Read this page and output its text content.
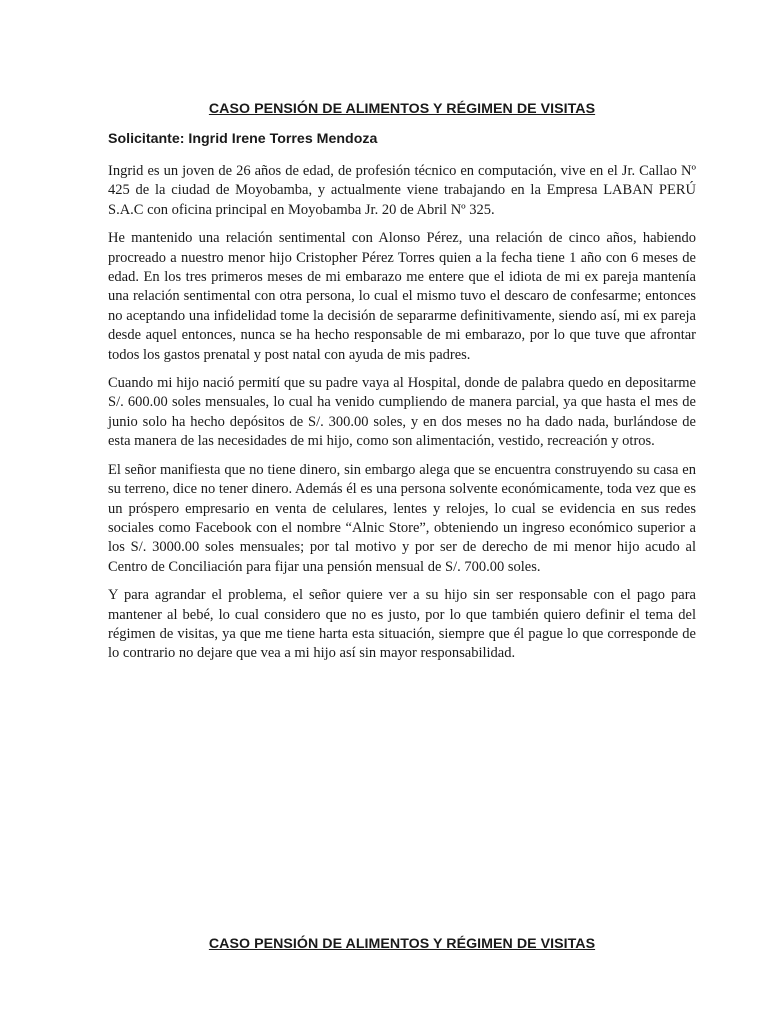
CASO PENSIÓN DE ALIMENTOS Y RÉGIMEN DE VISITAS

Solicitante: Ingrid Irene Torres Mendoza

Ingrid es un joven de 26 años de edad, de profesión técnico en computación, vive en el Jr. Callao Nº 425 de la ciudad de Moyobamba, y actualmente viene trabajando en la Empresa LABAN PERÚ S.A.C con oficina principal en Moyobamba Jr. 20 de Abril Nº 325.

He mantenido una relación sentimental con Alonso Pérez, una relación de cinco años, habiendo procreado a nuestro menor hijo Cristopher Pérez Torres quien a la fecha tiene 1 año con 6 meses de edad. En los tres primeros meses de mi embarazo me entere que el idiota de mi ex pareja mantenía una relación sentimental con otra persona, lo cual el mismo tuvo el descaro de confesarme; entonces no aceptando una infidelidad tome la decisión de separarme definitivamente, siendo así, mi ex pareja desde aquel entonces, nunca se ha hecho responsable de mi embarazo, por lo que tuve que afrontar todos los gastos prenatal y post natal con ayuda de mis padres.

Cuando mi hijo nació permití que su padre vaya al Hospital, donde de palabra quedo en depositarme S/. 600.00 soles mensuales, lo cual ha venido cumpliendo de manera parcial, ya que hasta el mes de junio solo ha hecho depósitos de S/. 300.00 soles, y en dos meses no ha dado nada, burlándose de esta manera de las necesidades de mi hijo, como son alimentación, vestido, recreación y otros.

El señor manifiesta que no tiene dinero, sin embargo alega que se encuentra construyendo su casa en su terreno, dice no tener dinero. Además él es una persona solvente económicamente, toda vez que es un próspero empresario en venta de celulares, lentes y relojes, lo cual se evidencia en sus redes sociales como Facebook con el nombre “Alnic Store”, obteniendo un ingreso económico superior a los S/. 3000.00 soles mensuales; por tal motivo y por ser de derecho de mi menor hijo acudo al Centro de Conciliación para fijar una pensión mensual de S/. 700.00 soles.

Y para agrandar el problema, el señor quiere ver a su hijo sin ser responsable con el pago para mantener al bebé, lo cual considero que no es justo, por lo que también quiero definir el tema del régimen de visitas, ya que me tiene harta esta situación, siempre que él pague lo que corresponde de lo contrario no dejare que vea a mi hijo así sin mayor responsabilidad.

CASO PENSIÓN DE ALIMENTOS Y RÉGIMEN DE VISITAS
